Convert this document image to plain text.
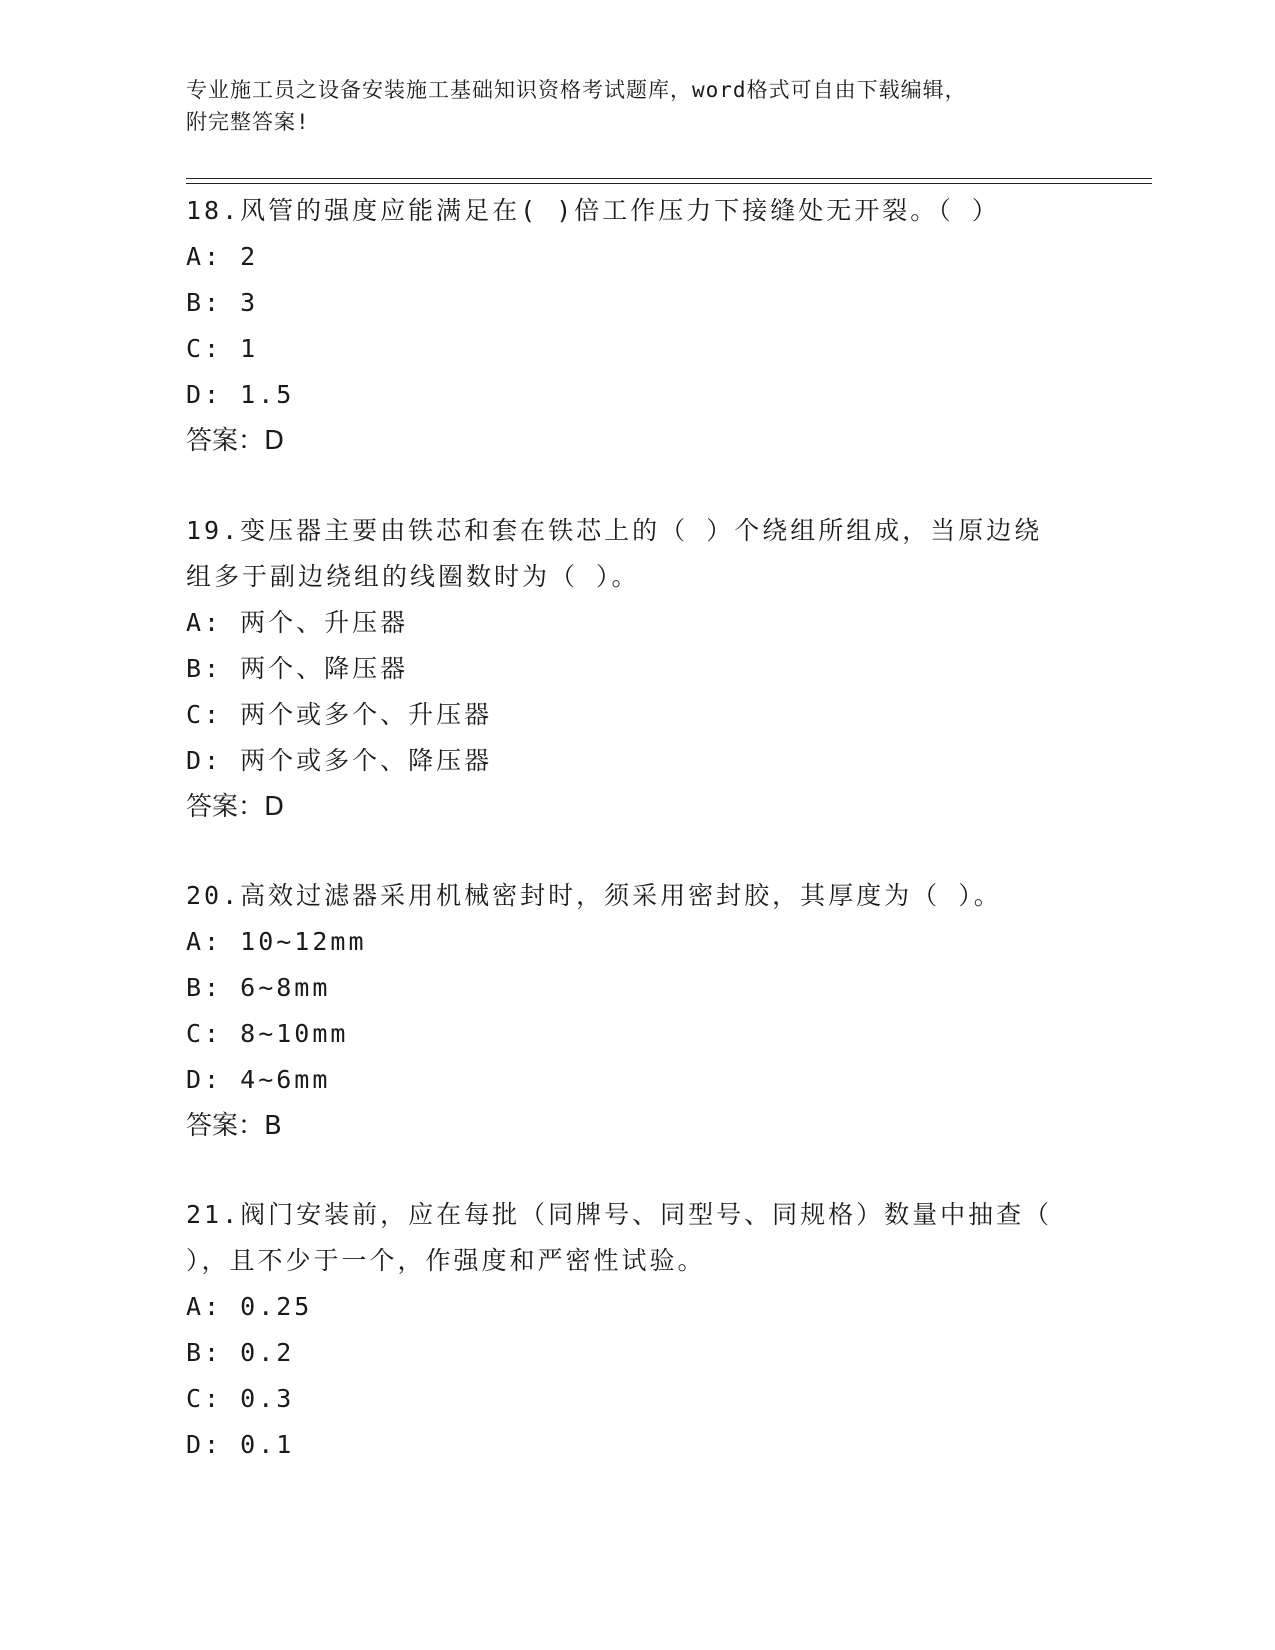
专业施工员之设备安装施工基础知识资格考试题库，word格式可自由下载编辑，
附完整答案!

18.风管的强度应能满足在( )倍工作压力下接缝处无开裂。（ ）

A: 2

B: 3

C: 1

D: 1.5

答案：D

19.变压器主要由铁芯和套在铁芯上的（ ）个绕组所组成，当原边绕

组多于副边绕组的线圈数时为（ ）。

A: 两个、升压器

B: 两个、降压器

C: 两个或多个、升压器

D: 两个或多个、降压器

答案：D

20.高效过滤器采用机械密封时，须采用密封胶，其厚度为（ ）。

A: 10~12mm

B: 6~8mm

C: 8~10mm

D: 4~6mm

答案：B

21.阀门安装前，应在每批（同牌号、同型号、同规格）数量中抽查（

），且不少于一个，作强度和严密性试验。

A: 0.25

B: 0.2

C: 0.3

D: 0.1
